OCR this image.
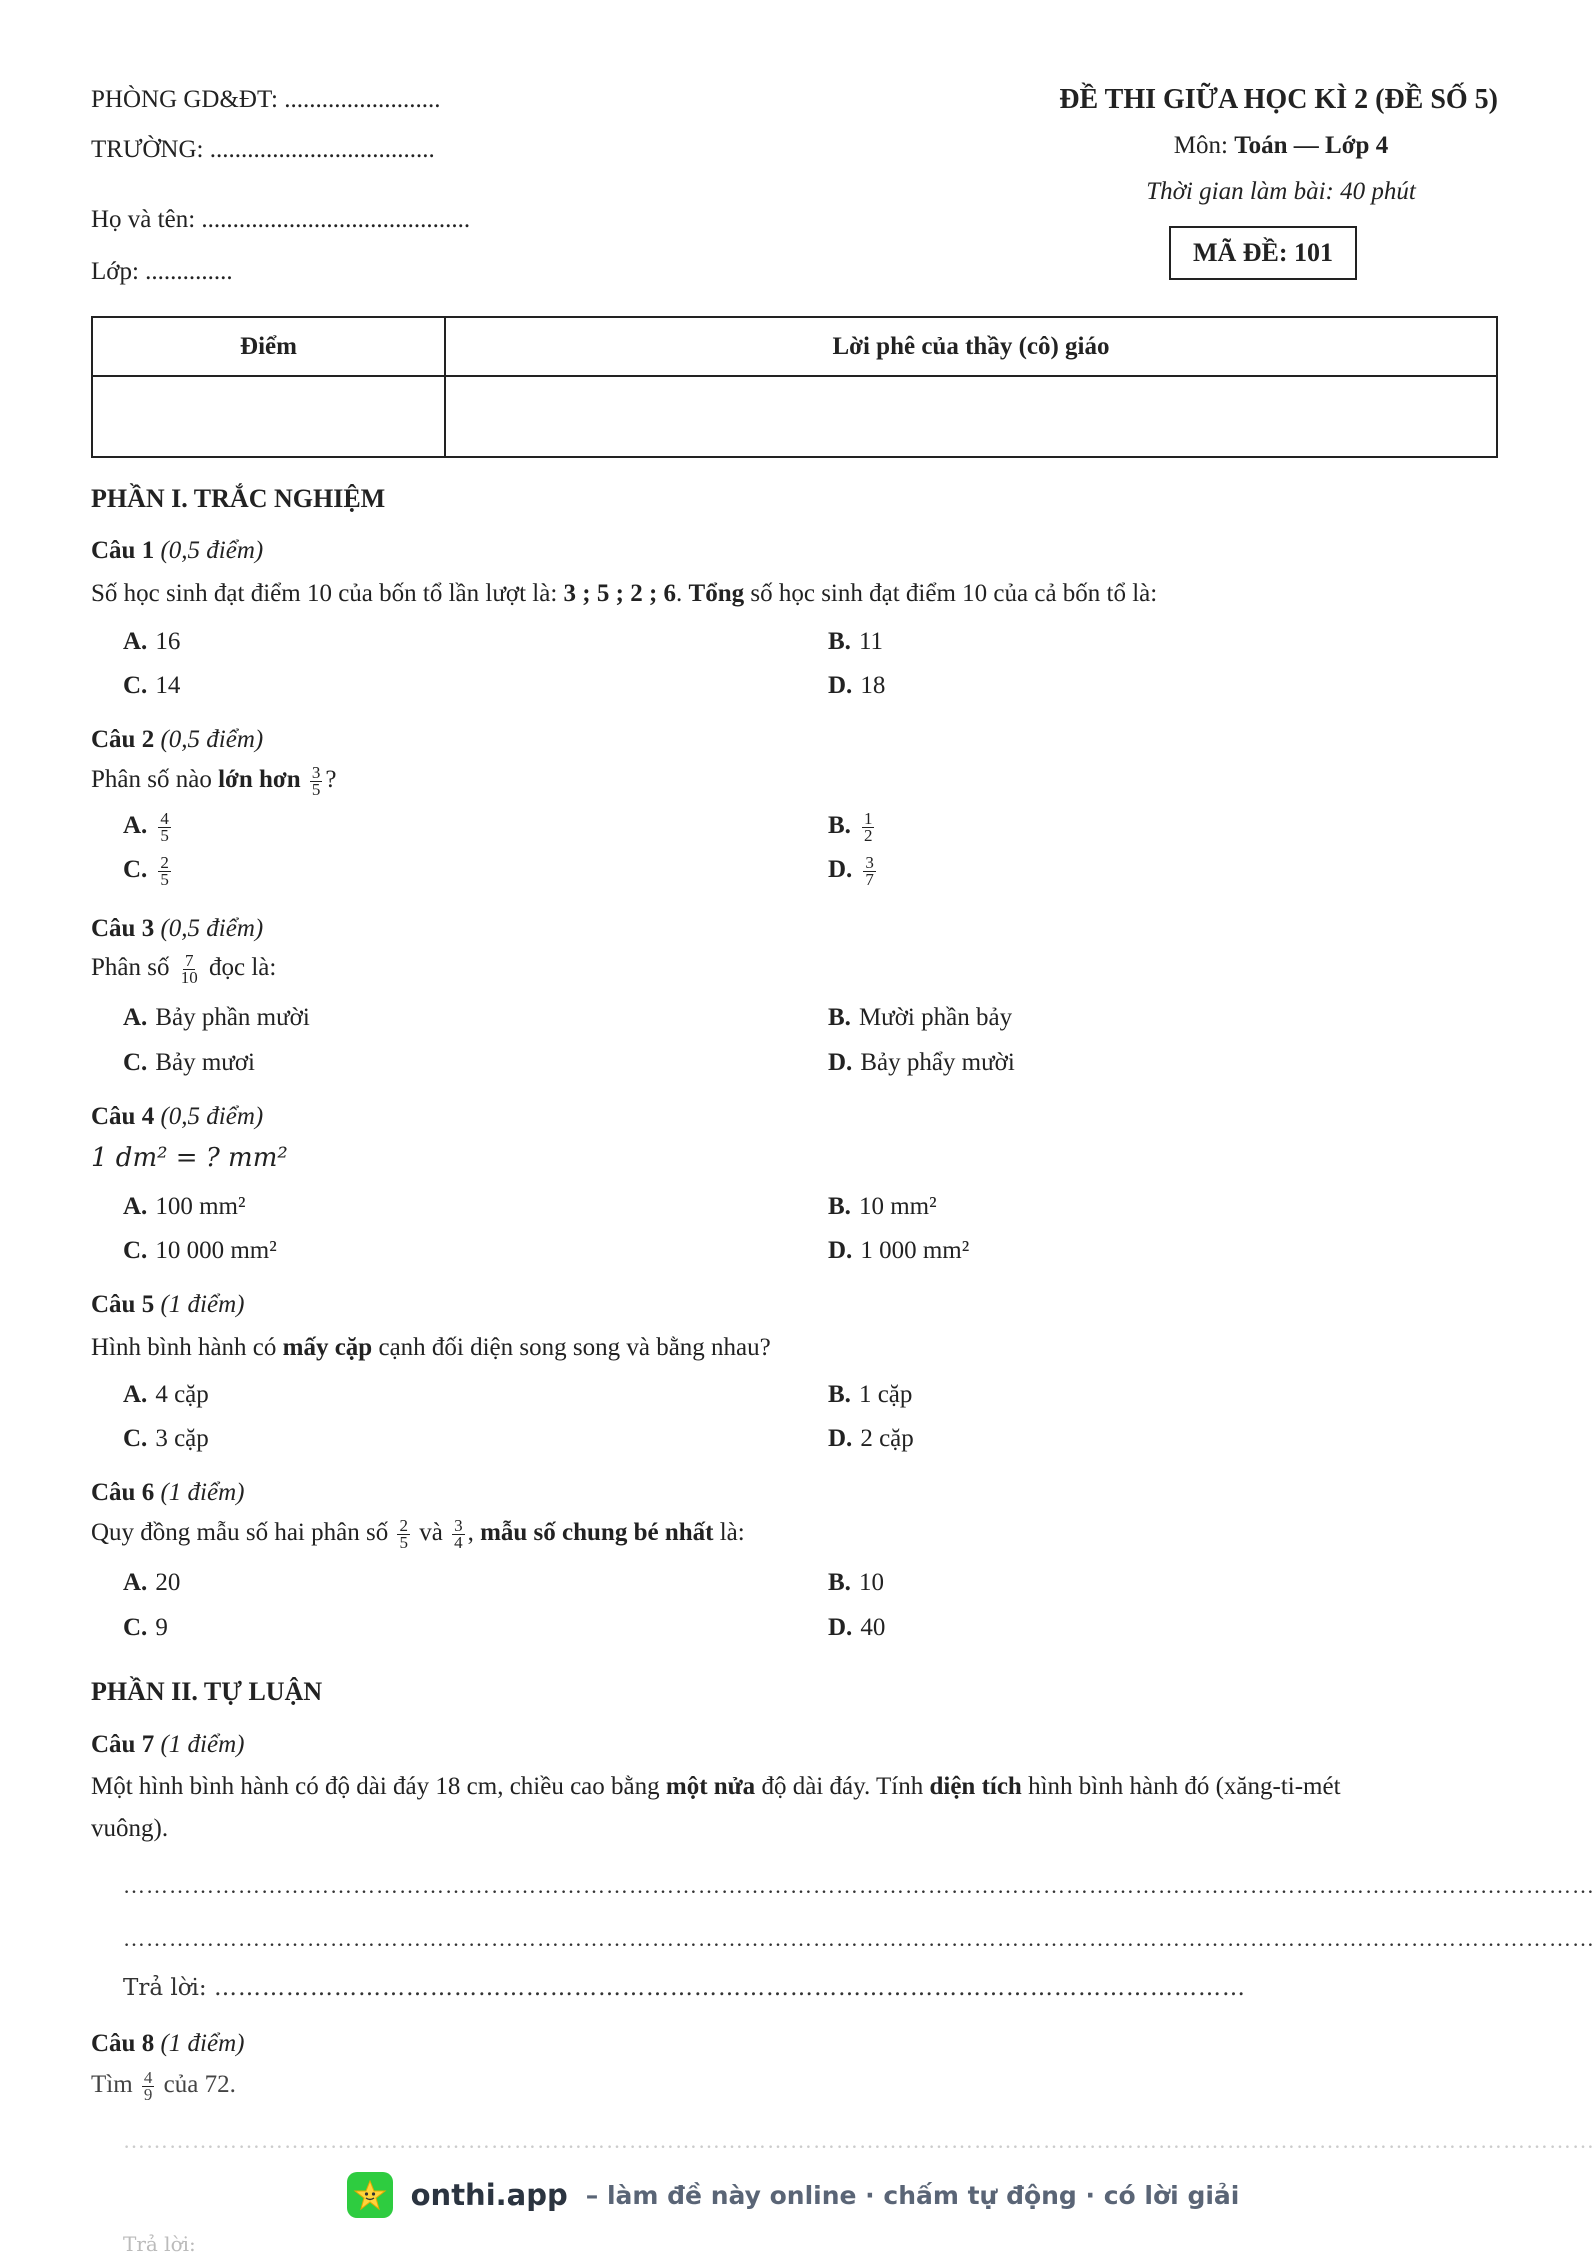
PHÒNG GD&ĐT: .........................
TRƯỜNG: ....................................
Họ và tên: ...........................................
Lớp: ..............
ĐỀ THI GIỮA HỌC KÌ 2 (ĐỀ SỐ 5)
Môn: Toán — Lớp 4
Thời gian làm bài: 40 phút
MÃ ĐỀ: 101
Điểm	Lời phê của thầy (cô) giáo

PHẦN I. TRẮC NGHIỆM
Câu 1 (0,5 điểm)
Số học sinh đạt điểm 10 của bốn tổ lần lượt là: 3 ; 5 ; 2 ; 6. Tổng số học sinh đạt điểm 10 của cả bốn tổ là:
A. 16	B. 11
C. 14	D. 18
Câu 2 (0,5 điểm)
Phân số nào lớn hơn $\frac{3}{5}$ ?
A. $\frac{4}{5}$	B. $\frac{1}{2}$
C. $\frac{2}{5}$	D. $\frac{3}{7}$
Câu 3 (0,5 điểm)
Phân số $\frac{7}{10}$ đọc là:
A. Bảy phần mười	B. Mười phần bảy
C. Bảy mươi	D. Bảy phẩy mười
Câu 4 (0,5 điểm)
1 dm² = ? mm²
A. 100 mm²	B. 10 mm²
C. 10 000 mm²	D. 1 000 mm²
Câu 5 (1 điểm)
Hình bình hành có mấy cặp cạnh đối diện song song và bằng nhau?
A. 4 cặp	B. 1 cặp
C. 3 cặp	D. 2 cặp
Câu 6 (1 điểm)
Quy đồng mẫu số hai phân số $\frac{2}{5}$ và $\frac{3}{4}$ , mẫu số chung bé nhất là:
A. 20	B. 10
C. 9	D. 40
PHẦN II. TỰ LUẬN
Câu 7 (1 điểm)
Một hình bình hành có độ dài đáy 18 cm, chiều cao bằng một nửa độ dài đáy. Tính diện tích hình bình hành đó (xăng-ti-mét
vuông).
…………………………………………………………………………………………………………………………………………………………………………
…………………………………………………………………………………………………………………………………………………………………………
Trả lời: …………………………………………………………………………………………………………………
Câu 8 (1 điểm)
Tìm $\frac{4}{9}$ của 72.
…………………………………………………………………………………………………………………………………………………………………………
onthi.app – làm đề này online · chấm tự động · có lời giải
Trả lời:
